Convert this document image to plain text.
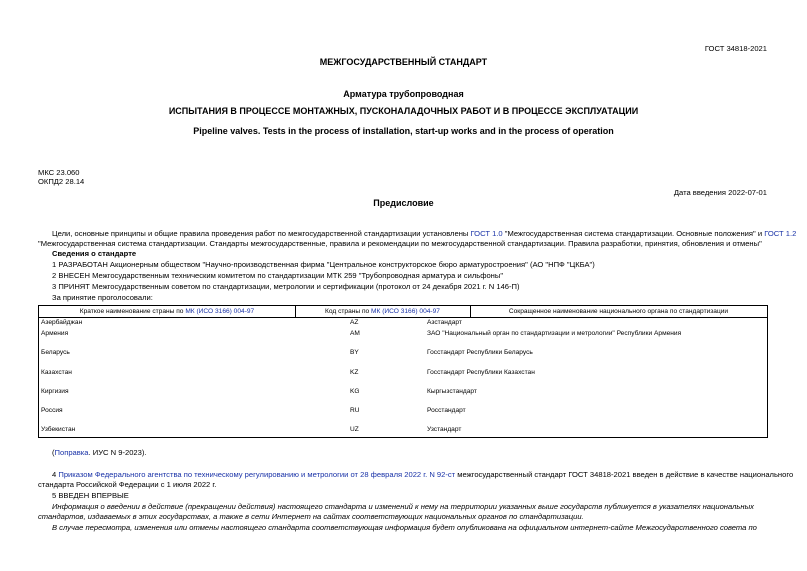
ГОСТ 34818-2021
МЕЖГОСУДАРСТВЕННЫЙ СТАНДАРТ
Арматура трубопроводная
ИСПЫТАНИЯ В ПРОЦЕССЕ МОНТАЖНЫХ, ПУСКОНАЛАДОЧНЫХ РАБОТ И В ПРОЦЕССЕ ЭКСПЛУАТАЦИИ
Pipeline valves. Tests in the process of installation, start-up works and in the process of operation
МКС 23.060
ОКПД2 28.14
Дата введения 2022-07-01
Предисловие
Цели, основные принципы и общие правила проведения работ по межгосударственной стандартизации установлены ГОСТ 1.0 "Межгосударственная система стандартизации. Основные положения" и ГОСТ 1.2
"Межгосударственная система стандартизации. Стандарты межгосударственные, правила и рекомендации по межгосударственной стандартизации. Правила разработки, принятия, обновления и отмены"
Сведения о стандарте
1 РАЗРАБОТАН Акционерным обществом "Научно-производственная фирма "Центральное конструкторское бюро арматуростроения" (АО "НПФ "ЦКБА")
2 ВНЕСЕН Межгосударственным техническим комитетом по стандартизации МТК 259 "Трубопроводная арматура и сильфоны"
3 ПРИНЯТ Межгосударственным советом по стандартизации, метрологии и сертификации (протокол от 24 декабря 2021 г. N 146-П)
За принятие проголосовали:
Краткое наименование страны по МК (ИСО 3166) 004-97	Код страны по МК (ИСО 3166) 004-97	Сокращенное наименование национального органа по стандартизации
Азербайджан	AZ	Азстандарт
Армения	AM	ЗАО "Национальный орган по стандартизации и метрологии" Республики Армения
Беларусь	BY	Госстандарт Республики Беларусь
Казахстан	KZ	Госстандарт Республики Казахстан
Киргизия	KG	Кыргызстандарт
Россия	RU	Росстандарт
Узбекистан	UZ	Узстандарт
(Поправка. ИУС N 9-2023).
4 Приказом Федерального агентства по техническому регулированию и метрологии от 28 февраля 2022 г. N 92-ст межгосударственный стандарт ГОСТ 34818-2021 введен в действие в качестве национального
стандарта Российской Федерации с 1 июля 2022 г.
5 ВВЕДЕН ВПЕРВЫЕ
Информация о введении в действие (прекращении действия) настоящего стандарта и изменений к нему на территории указанных выше государств публикуется в указателях национальных
стандартов, издаваемых в этих государствах, а также в сети Интернет на сайтах соответствующих национальных органов по стандартизации.
В случае пересмотра, изменения или отмены настоящего стандарта соответствующая информация будет опубликована на официальном интернет-сайте Межгосударственного совета по
